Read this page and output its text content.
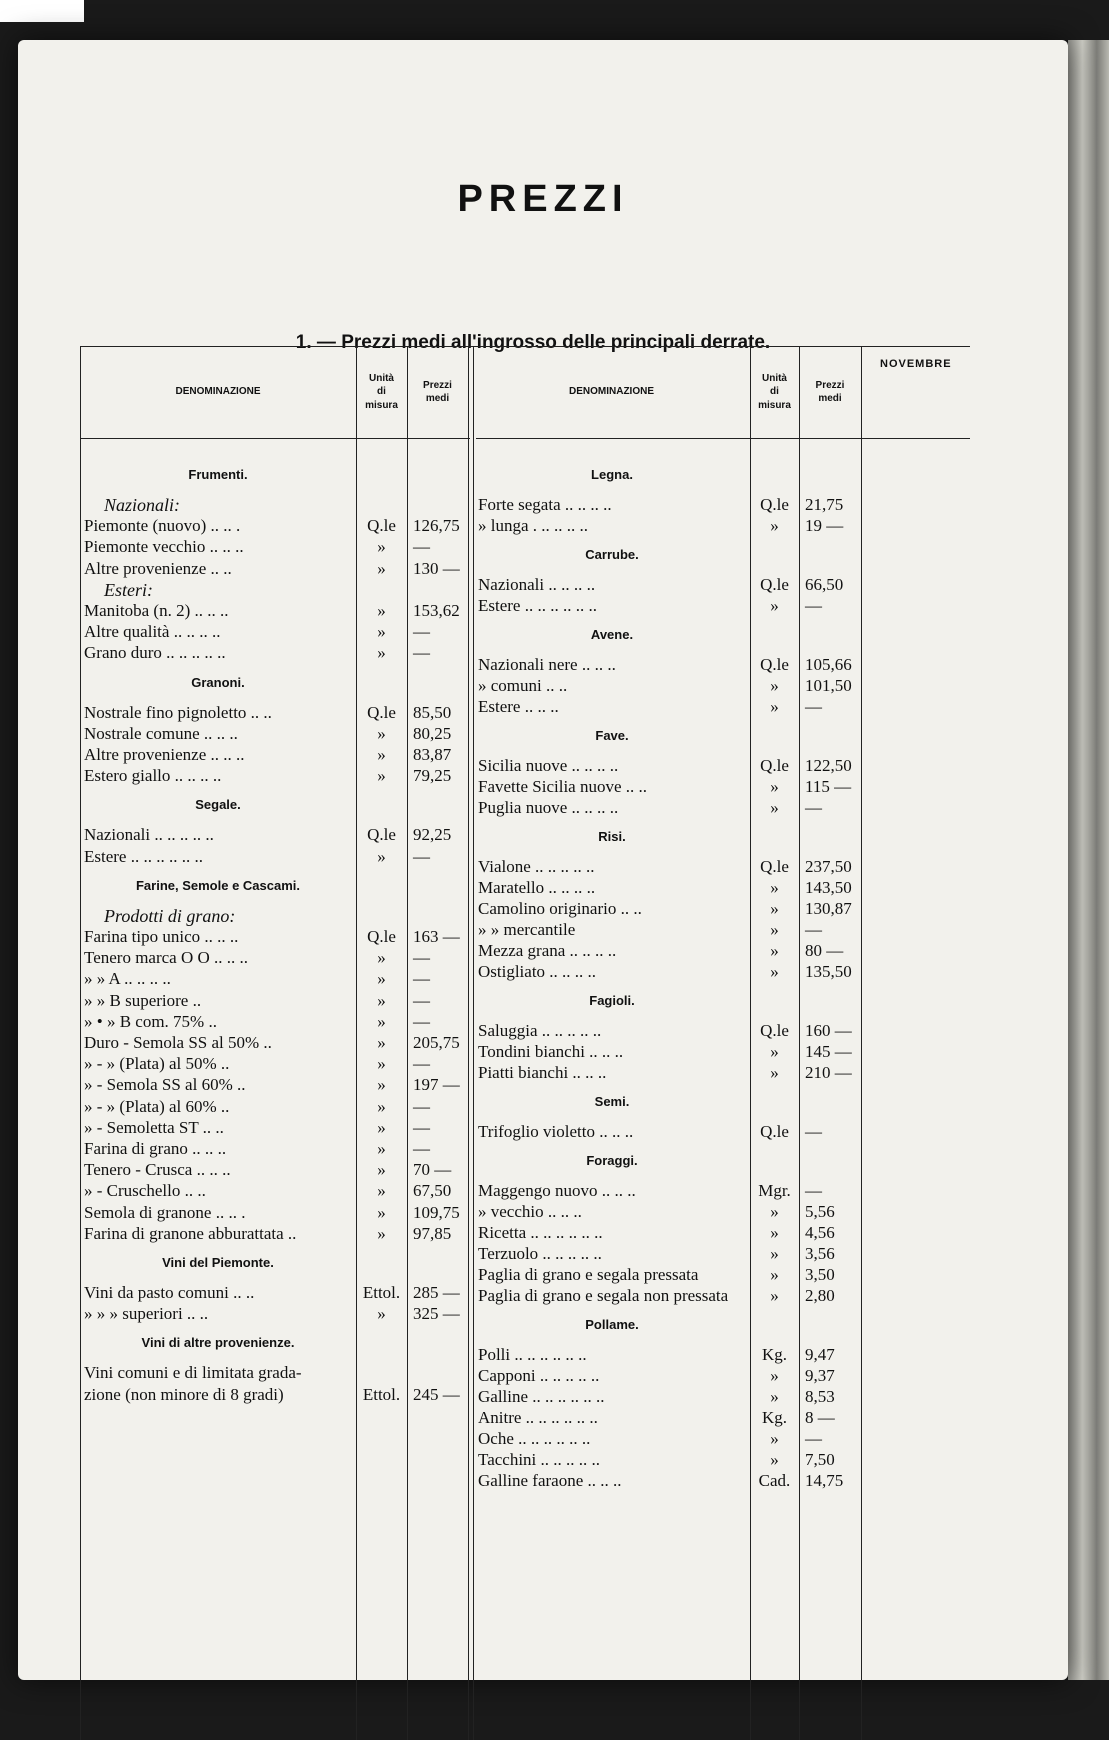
PREZZI
1. — Prezzi medi all'ingrosso delle principali derrate.
NOVEMBRE
DENOMINAZIONE
Unità
di
misura
Prezzi
medi
DENOMINAZIONE
Unità
di
misura
Prezzi
medi
Frumenti.
Nazionali:
Piemonte (nuovo) .. .. .	Q.le	126,75
Piemonte vecchio .. .. ..	»	—
Altre provenienze .. ..	»	130 —
Esteri:
Manitoba (n. 2) .. .. ..	»	153,62
Altre qualità .. .. .. ..	»	—
Grano duro .. .. .. .. ..	»	—
Granoni.
Nostrale fino pignoletto .. ..	Q.le	85,50
Nostrale comune .. .. ..	»	80,25
Altre provenienze .. .. ..	»	83,87
Estero giallo .. .. .. ..	»	79,25
Segale.
Nazionali .. .. .. .. ..	Q.le	92,25
Estere .. .. .. .. .. ..	»	—
Farine, Semole e Cascami.
Prodotti di grano:
Farina tipo unico .. .. ..	Q.le	163 —
Tenero marca O O .. .. ..	»	—
» » A .. .. .. ..	»	—
» » B superiore ..	»	—
» • » B com. 75% ..	»	—
Duro - Semola SS al 50% ..	»	205,75
» - » (Plata) al 50% ..	»	—
» - Semola SS al 60% ..	»	197 —
» - » (Plata) al 60% ..	»	—
» - Semoletta ST .. ..	»	—
Farina di grano .. .. ..	»	—
Tenero - Crusca .. .. ..	»	70 —
» - Cruschello .. ..	»	67,50
Semola di granone .. .. .	»	109,75
Farina di granone abburattata ..	»	97,85
Vini del Piemonte.
Vini da pasto comuni .. ..	Ettol. 285 —
» » » superiori .. ..	»	325 —
Vini di altre provenienze.
Vini comuni e di limitata grada-
zione (non minore di 8 gradi)	Ettol. 245 —
Legna.
Forte segata .. .. .. ..	Q.le 21,75
» lunga . .. .. .. ..	»	19 —
Carrube.
Nazionali .. .. .. ..	Q.le 66,50
Estere .. .. .. .. .. ..	»	—
Avene.
Nazionali nere .. .. ..	Q.le 105,66
» comuni .. ..	»	101,50
Estere .. .. ..	»	—
Fave.
Sicilia nuove .. .. .. ..	Q.le 122,50
Favette Sicilia nuove .. ..	»	115 —
Puglia nuove .. .. .. ..	»	—
Risi.
Vialone .. .. .. .. ..	Q.le 237,50
Maratello .. .. .. ..	»	143,50
Camolino originario .. ..	»	130,87
» » mercantile	»	—
Mezza grana .. .. .. ..	»	80 —
Ostigliato .. .. .. ..	»	135,50
Fagioli.
Saluggia .. .. .. .. ..	Q.le 160 —
Tondini bianchi .. .. ..	»	145 —
Piatti bianchi .. .. ..	»	210 —
Semi.
Trifoglio violetto .. .. ..	Q.le —
Foraggi.
Maggengo nuovo .. .. ..	Mgr. —
» vecchio .. .. ..	»	5,56
Ricetta .. .. .. .. .. ..	»	4,56
Terzuolo .. .. .. .. ..	»	3,56
Paglia di grano e segala pressata	»	3,50
Paglia di grano e segala non pressata	»	2,80
Pollame.
Polli .. .. .. .. .. ..	Kg.	9,47
Capponi .. .. .. .. ..	»	9,37
Galline .. .. .. .. .. ..	»	8,53
Anitre .. .. .. .. .. ..	Kg.	8 —
Oche .. .. .. .. .. ..	»	—
Tacchini .. .. .. .. ..	»	7,50
Galline faraone .. .. ..	Cad. 14,75
